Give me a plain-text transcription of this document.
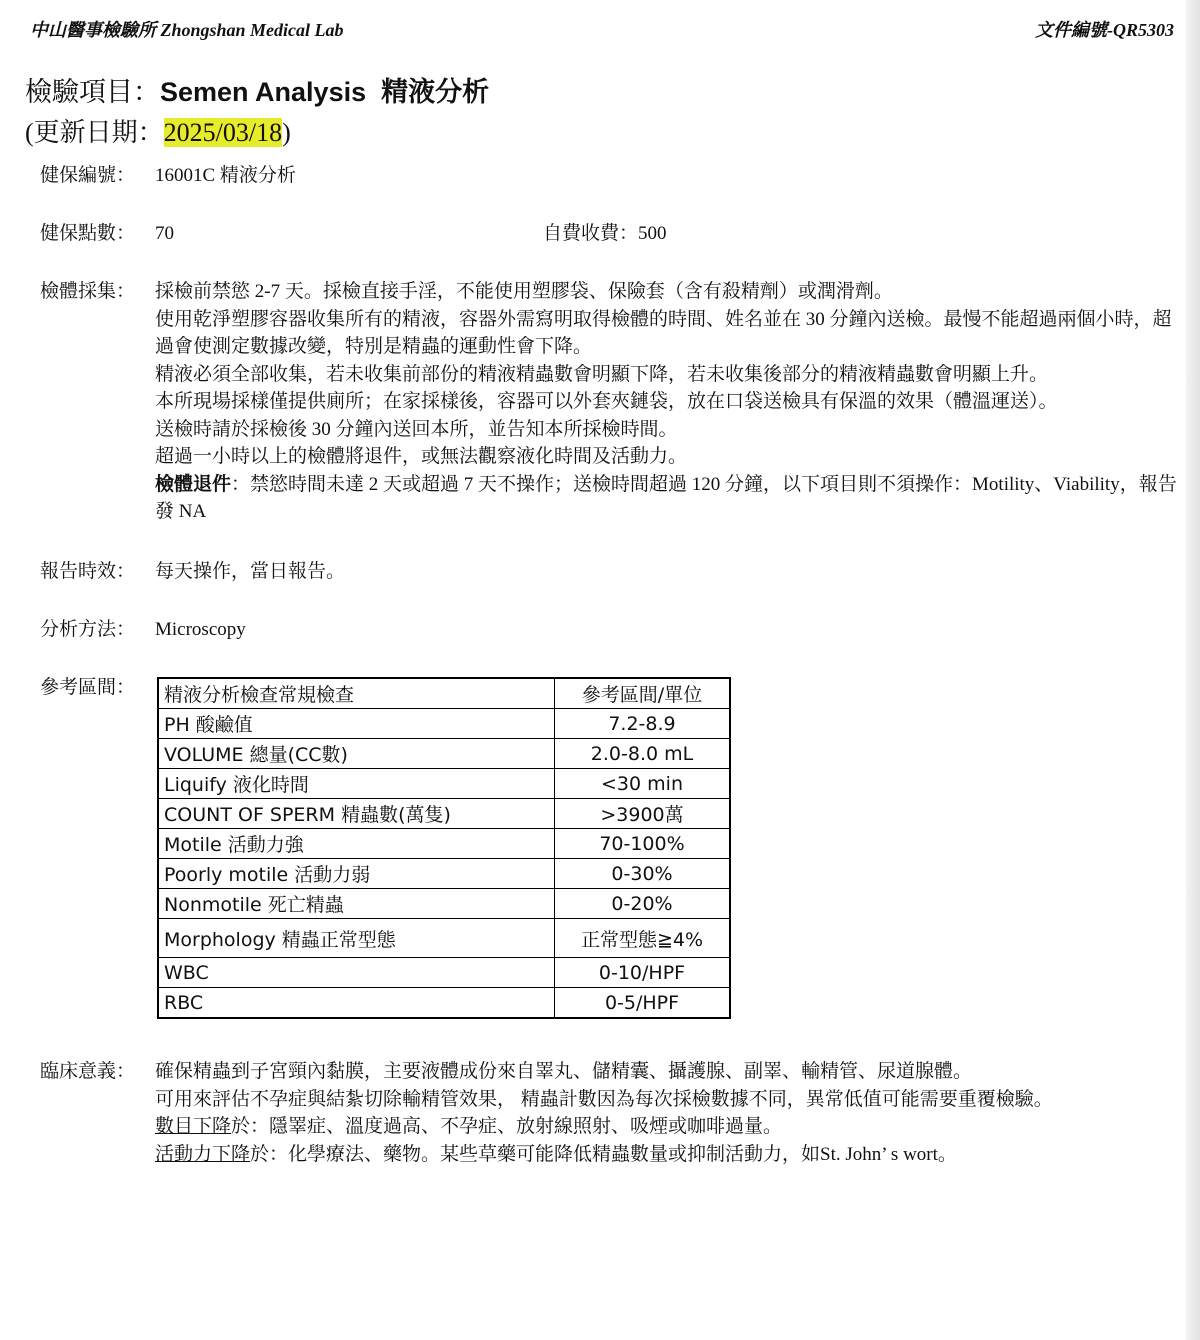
中山醫事檢驗所 Zhongshan Medical Lab	文件編號-QR5303
檢驗項目：Semen Analysis 精液分析
(更新日期：2025/03/18)
健保編號：	16001C 精液分析
健保點數：	70	自費收費： 500
檢體採集：	採檢前禁慾 2-7 天。採檢直接手淫，不能使用塑膠袋、保險套（含有殺精劑）或潤滑劑。
使用乾淨塑膠容器收集所有的精液，容器外需寫明取得檢體的時間、姓名並在 30 分鐘內送檢。最慢不能超過兩個小時，超過會使測定數據改變，特別是精蟲的運動性會下降。
精液必須全部收集，若未收集前部份的精液精蟲數會明顯下降，若未收集後部分的精液精蟲數會明顯上升。
本所現場採樣僅提供廁所；在家採樣後，容器可以外套夾鏈袋，放在口袋送檢具有保溫的效果（體溫運送）。
送檢時請於採檢後 30 分鐘內送回本所，並告知本所採檢時間。
超過一小時以上的檢體將退件，或無法觀察液化時間及活動力。
檢體退件：禁慾時間未達 2 天或超過 7 天不操作；送檢時間超過 120 分鐘，以下項目則不須操作：Motility、Viability，報告發 NA
報告時效：	每天操作，當日報告。
分析方法：	Microscopy
參考區間：	精液分析檢查常規檢查	參考區間/單位
PH 酸鹼值	7.2-8.9
VOLUME 總量(CC數)	2.0-8.0 mL
Liquify 液化時間	<30 min
COUNT OF SPERM 精蟲數(萬隻)	>3900萬
Motile 活動力強	70-100%
Poorly motile 活動力弱	0-30%
Nonmotile 死亡精蟲	0-20%
Morphology 精蟲正常型態	正常型態≧4%
WBC	0-10/HPF
RBC	0-5/HPF
臨床意義：	確保精蟲到子宮頸內黏膜，主要液體成份來自睪丸、儲精囊、攝護腺、副睪、輸精管、尿道腺體。
可用來評估不孕症與結紮切除輸精管效果， 精蟲計數因為每次採檢數據不同，異常低值可能需要重覆檢驗。
數目下降於：隱睪症、溫度過高、不孕症、放射線照射、吸煙或咖啡過量。
活動力下降於：化學療法、藥物。某些草藥可能降低精蟲數量或抑制活動力，如St. John’ s wort。
